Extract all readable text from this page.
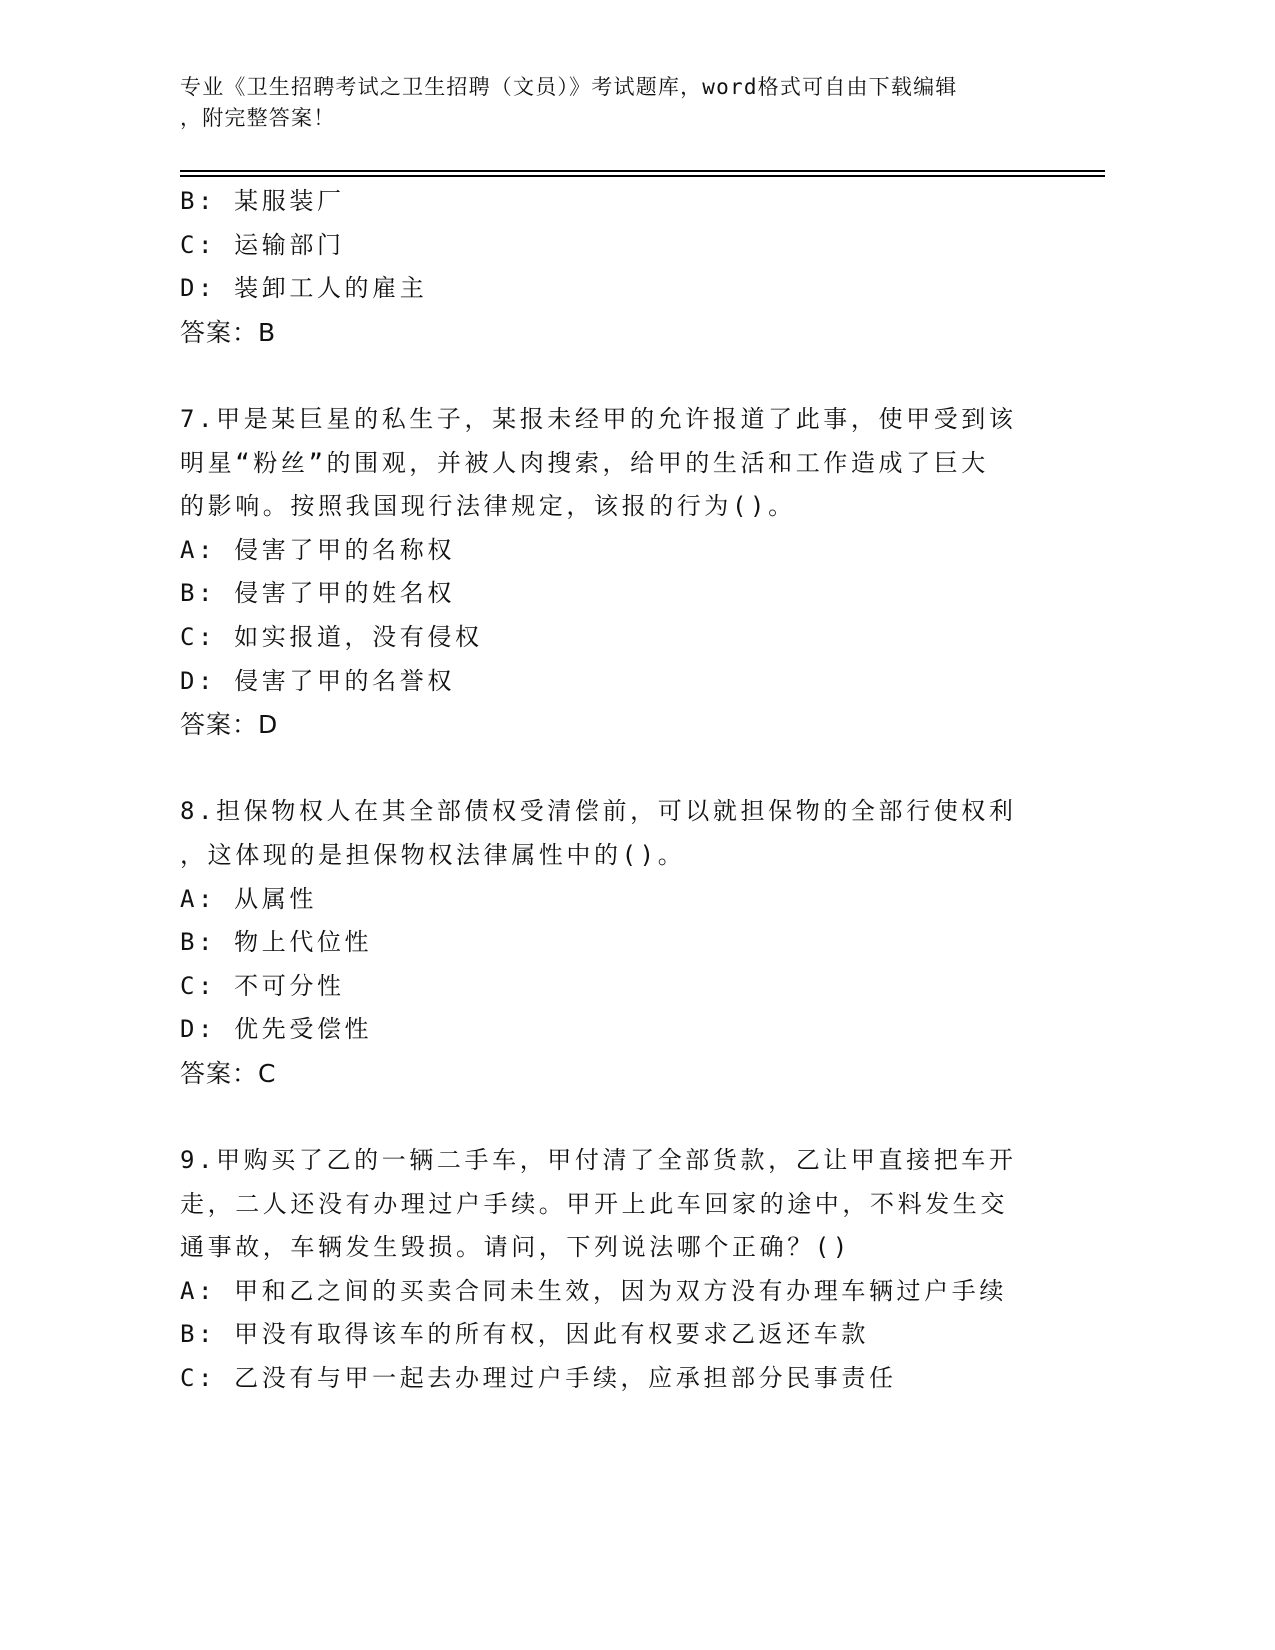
专业《卫生招聘考试之卫生招聘（文员）》考试题库，word格式可自由下载编辑
，附完整答案！
B: 某服装厂
C: 运输部门
D: 装卸工人的雇主
答案：B
7.甲是某巨星的私生子，某报未经甲的允许报道了此事，使甲受到该
明星“粉丝”的围观，并被人肉搜索，给甲的生活和工作造成了巨大
的影响。按照我国现行法律规定，该报的行为()。
A: 侵害了甲的名称权
B: 侵害了甲的姓名权
C: 如实报道，没有侵权
D: 侵害了甲的名誉权
答案：D
8.担保物权人在其全部债权受清偿前，可以就担保物的全部行使权利
，这体现的是担保物权法律属性中的()。
A: 从属性
B: 物上代位性
C: 不可分性
D: 优先受偿性
答案：C
9.甲购买了乙的一辆二手车，甲付清了全部货款，乙让甲直接把车开
走，二人还没有办理过户手续。甲开上此车回家的途中，不料发生交
通事故，车辆发生毁损。请问，下列说法哪个正确？()
A: 甲和乙之间的买卖合同未生效，因为双方没有办理车辆过户手续
B: 甲没有取得该车的所有权，因此有权要求乙返还车款
C: 乙没有与甲一起去办理过户手续，应承担部分民事责任
